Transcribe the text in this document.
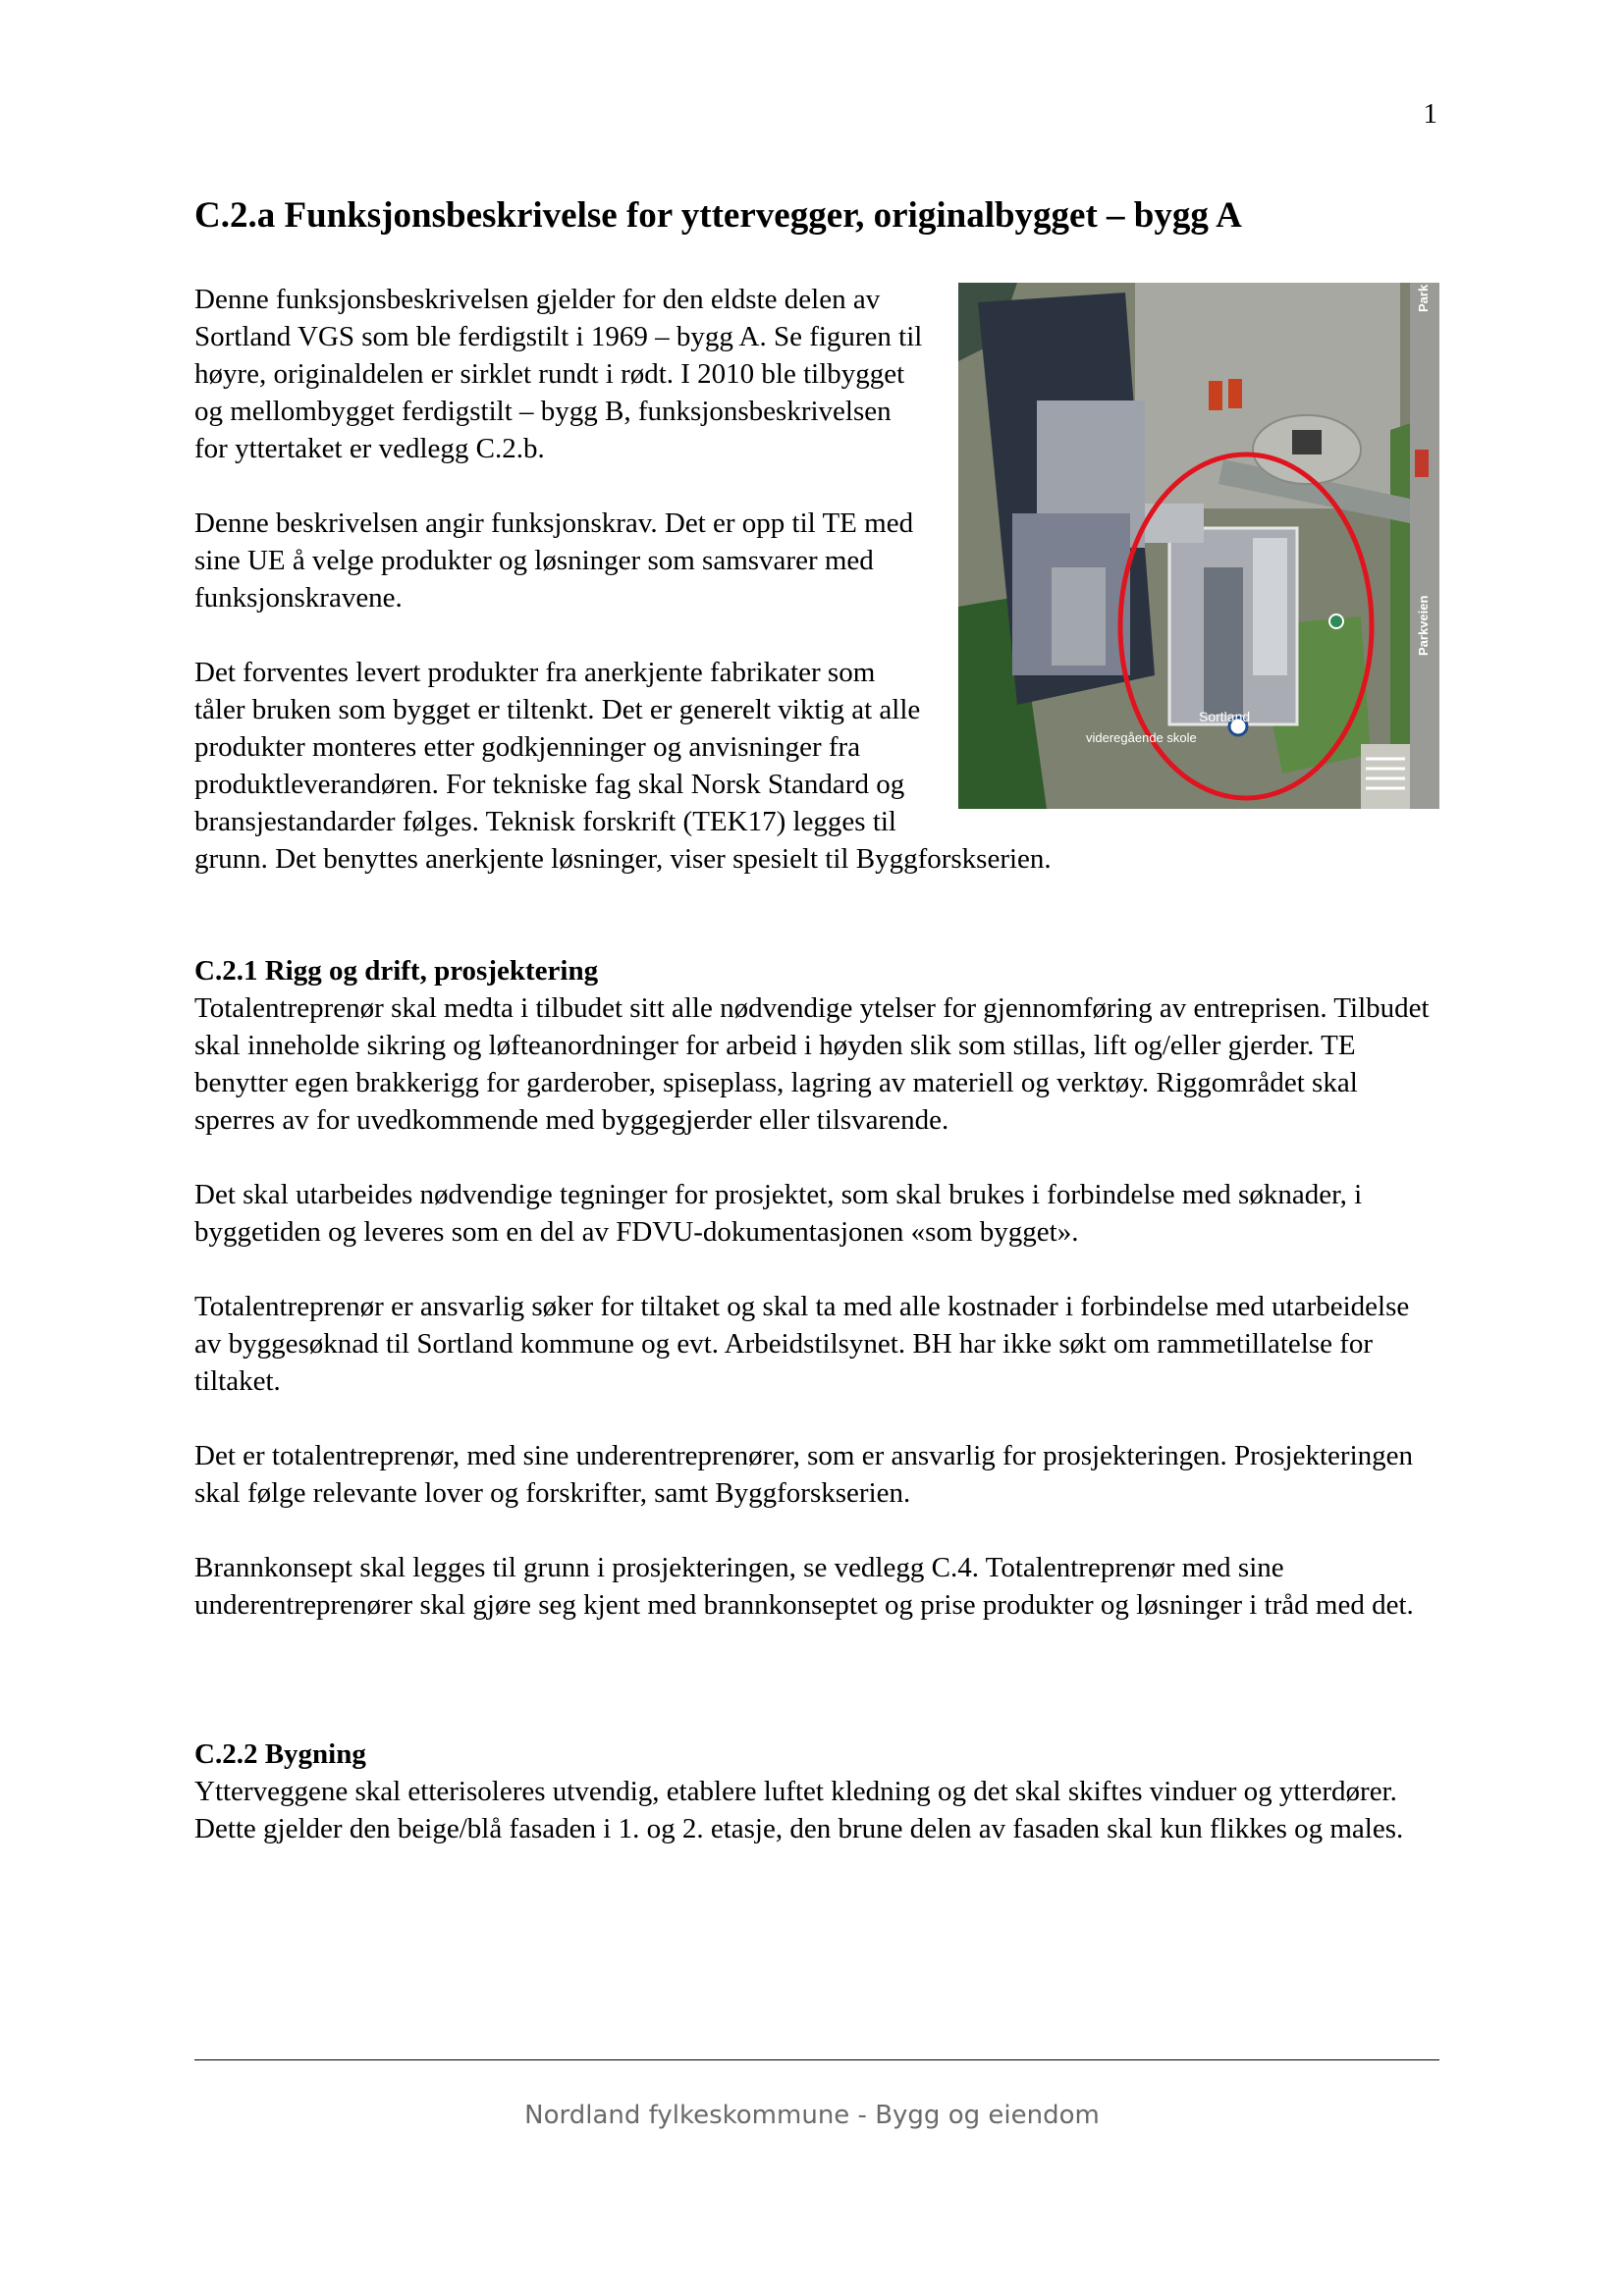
1
C.2.a Funksjonsbeskrivelse for yttervegger, originalbygget – bygg A
Sortland
videregående skole
Park
Parkveien

Denne funksjonsbeskrivelsen gjelder for den eldste delen av Sortland VGS som ble ferdigstilt i 1969 – bygg A. Se figuren til høyre, originaldelen er sirklet rundt i rødt. I 2010 ble tilbygget og mellombygget ferdigstilt – bygg B, funksjonsbeskrivelsen for yttertaket er vedlegg C.2.b.

Denne beskrivelsen angir funksjonskrav. Det er opp til TE med sine UE å velge produkter og løsninger som samsvarer med funksjonskravene.

Det forventes levert produkter fra anerkjente fabrikater som tåler bruken som bygget er tiltenkt. Det er generelt viktig at alle produkter monteres etter godkjenninger og anvisninger fra produktleverandøren. For tekniske fag skal Norsk Standard og bransjestandarder følges. Teknisk forskrift (TEK17) legges til grunn. Det benyttes anerkjente løsninger, viser spesielt til Byggforskserien.

C.2.1 Rigg og drift, prosjektering

Totalentreprenør skal medta i tilbudet sitt alle nødvendige ytelser for gjennomføring av entreprisen. Tilbudet skal inneholde sikring og løfteanordninger for arbeid i høyden slik som stillas, lift og/eller gjerder. TE benytter egen brakkerigg for garderober, spiseplass, lagring av materiell og verktøy. Riggområdet skal sperres av for uvedkommende med byggegjerder eller tilsvarende.

Det skal utarbeides nødvendige tegninger for prosjektet, som skal brukes i forbindelse med søknader, i byggetiden og leveres som en del av FDVU-dokumentasjonen «som bygget».

Totalentreprenør er ansvarlig søker for tiltaket og skal ta med alle kostnader i forbindelse med utarbeidelse av byggesøknad til Sortland kommune og evt. Arbeidstilsynet. BH har ikke søkt om rammetillatelse for tiltaket.

Det er totalentreprenør, med sine underentreprenører, som er ansvarlig for prosjekteringen. Prosjekteringen skal følge relevante lover og forskrifter, samt Byggforskserien.

Brannkonsept skal legges til grunn i prosjekteringen, se vedlegg C.4. Totalentreprenør med sine underentreprenører skal gjøre seg kjent med brannkonseptet og prise produkter og løsninger i tråd med det.

C.2.2 Bygning

Ytterveggene skal etterisoleres utvendig, etablere luftet kledning og det skal skiftes vinduer og ytterdører. Dette gjelder den beige/blå fasaden i 1. og 2. etasje, den brune delen av fasaden skal kun flikkes og males.

Nordland fylkeskommune - Bygg og eiendom
